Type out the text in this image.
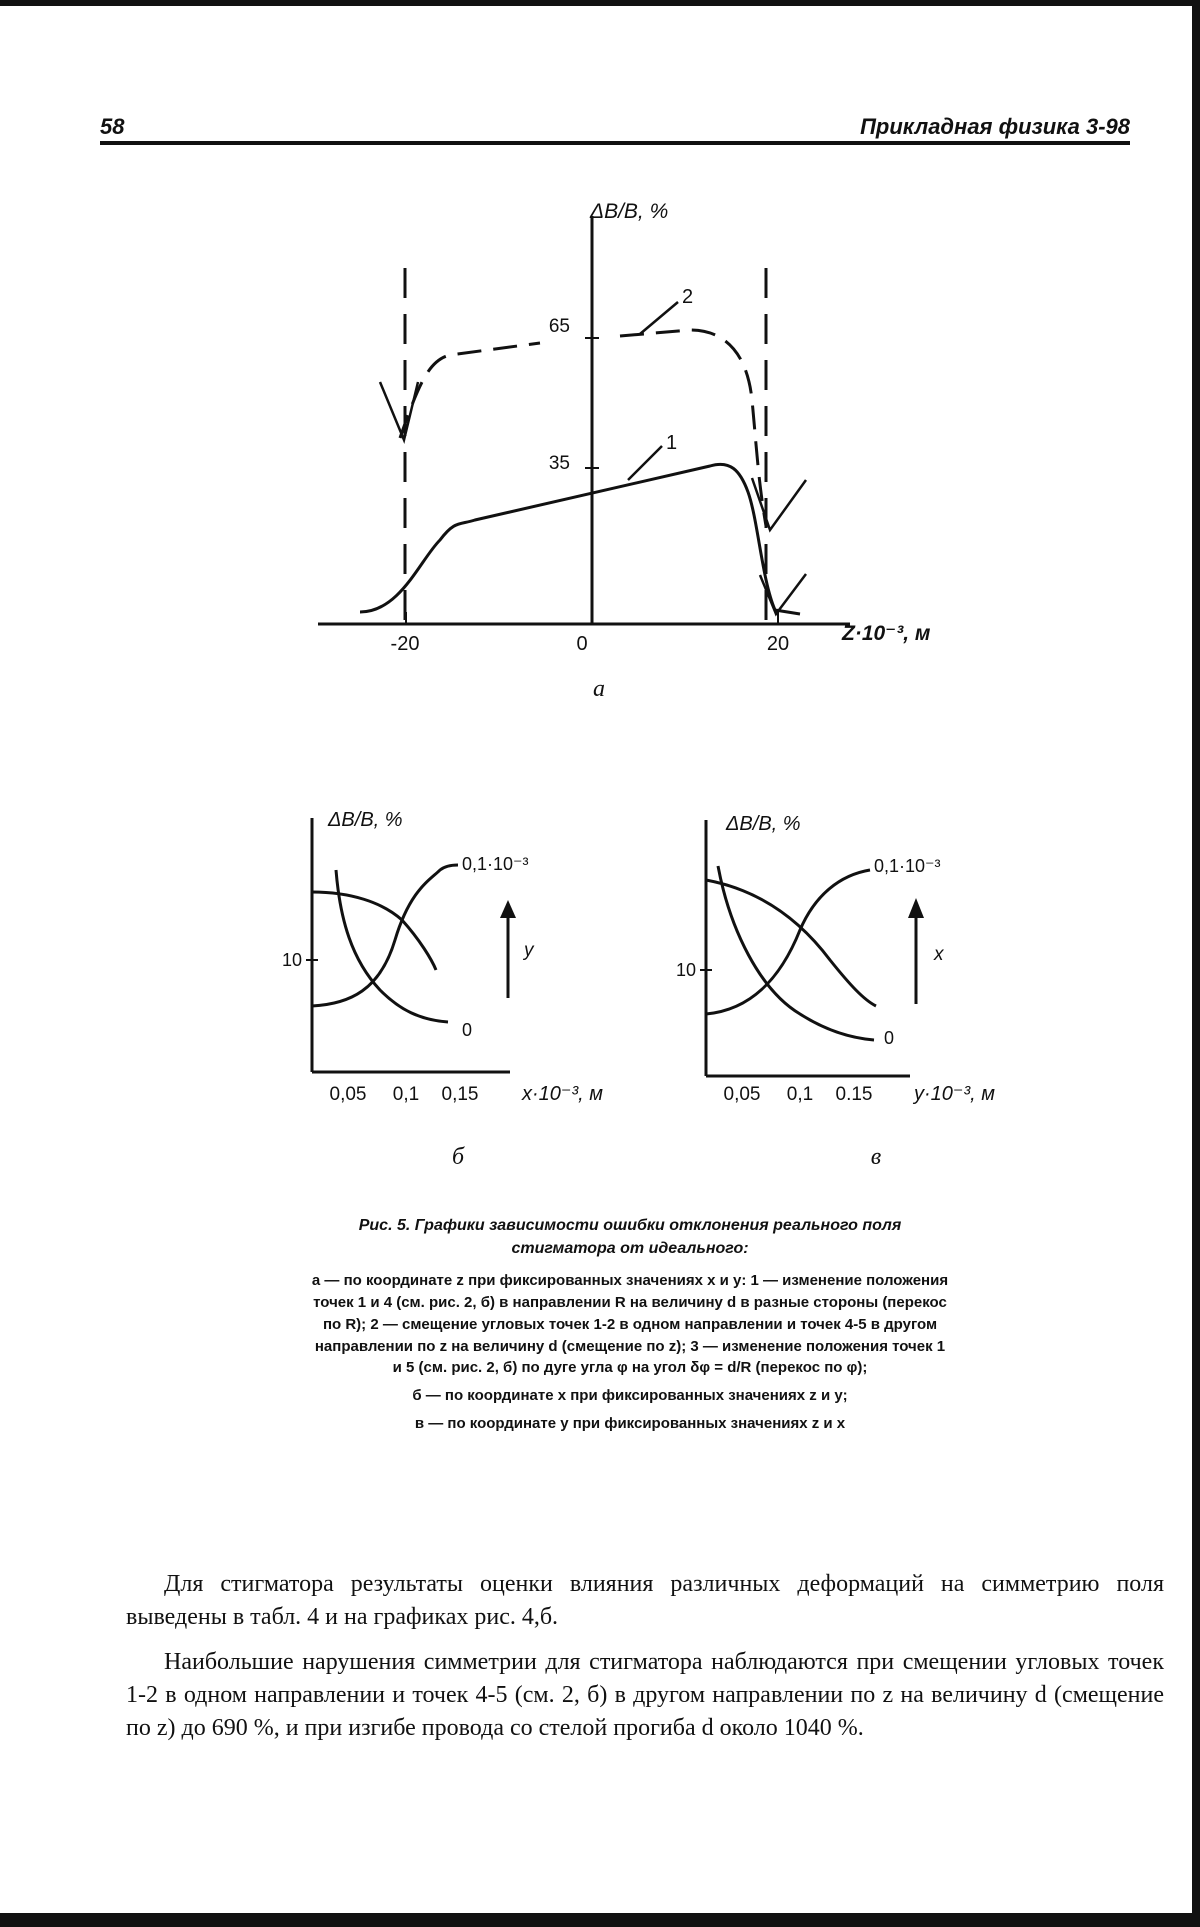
58	Прикладная физика 3-98
ΔB/B, %
Z·10⁻³, м
-20	0	20
65
35
1
2
а
ΔB/B, %
10
0,05 0,1 0,15 x·10⁻³, м
0,1·10⁻³
0
y
б
ΔB/B, %
10
0,05 0,1 0.15 y·10⁻³, м
0,1·10⁻³
0
x
в
Рис. 5. Графики зависимости ошибки отклонения реального поля стигматора от идеального:
а — по координате z при фиксированных значениях x и y: 1 — изменение положения точек 1 и 4 (см. рис. 2, б) в направлении R на величину d в разные стороны (перекос по R); 2 — смещение угловых точек 1-2 в одном направлении и точек 4-5 в другом направлении по z на величину d (смещение по z); 3 — изменение положения точек 1 и 5 (см. рис. 2, б) по дуге угла φ на угол δφ = d/R (перекос по φ);
б — по координате x при фиксированных значениях z и y;
в — по координате y при фиксированных значениях z и x

Для стигматора результаты оценки влияния различных деформаций на симметрию поля выведены в табл. 4 и на графиках рис. 4,б.

Наибольшие нарушения симметрии для стигматора наблюдаются при смещении угловых точек 1-2 в одном направлении и точек 4-5 (см. 2, б) в другом направлении по z на величину d (смещение по z) до 690 %, и при изгибе провода со стелой прогиба d около 1040 %.
